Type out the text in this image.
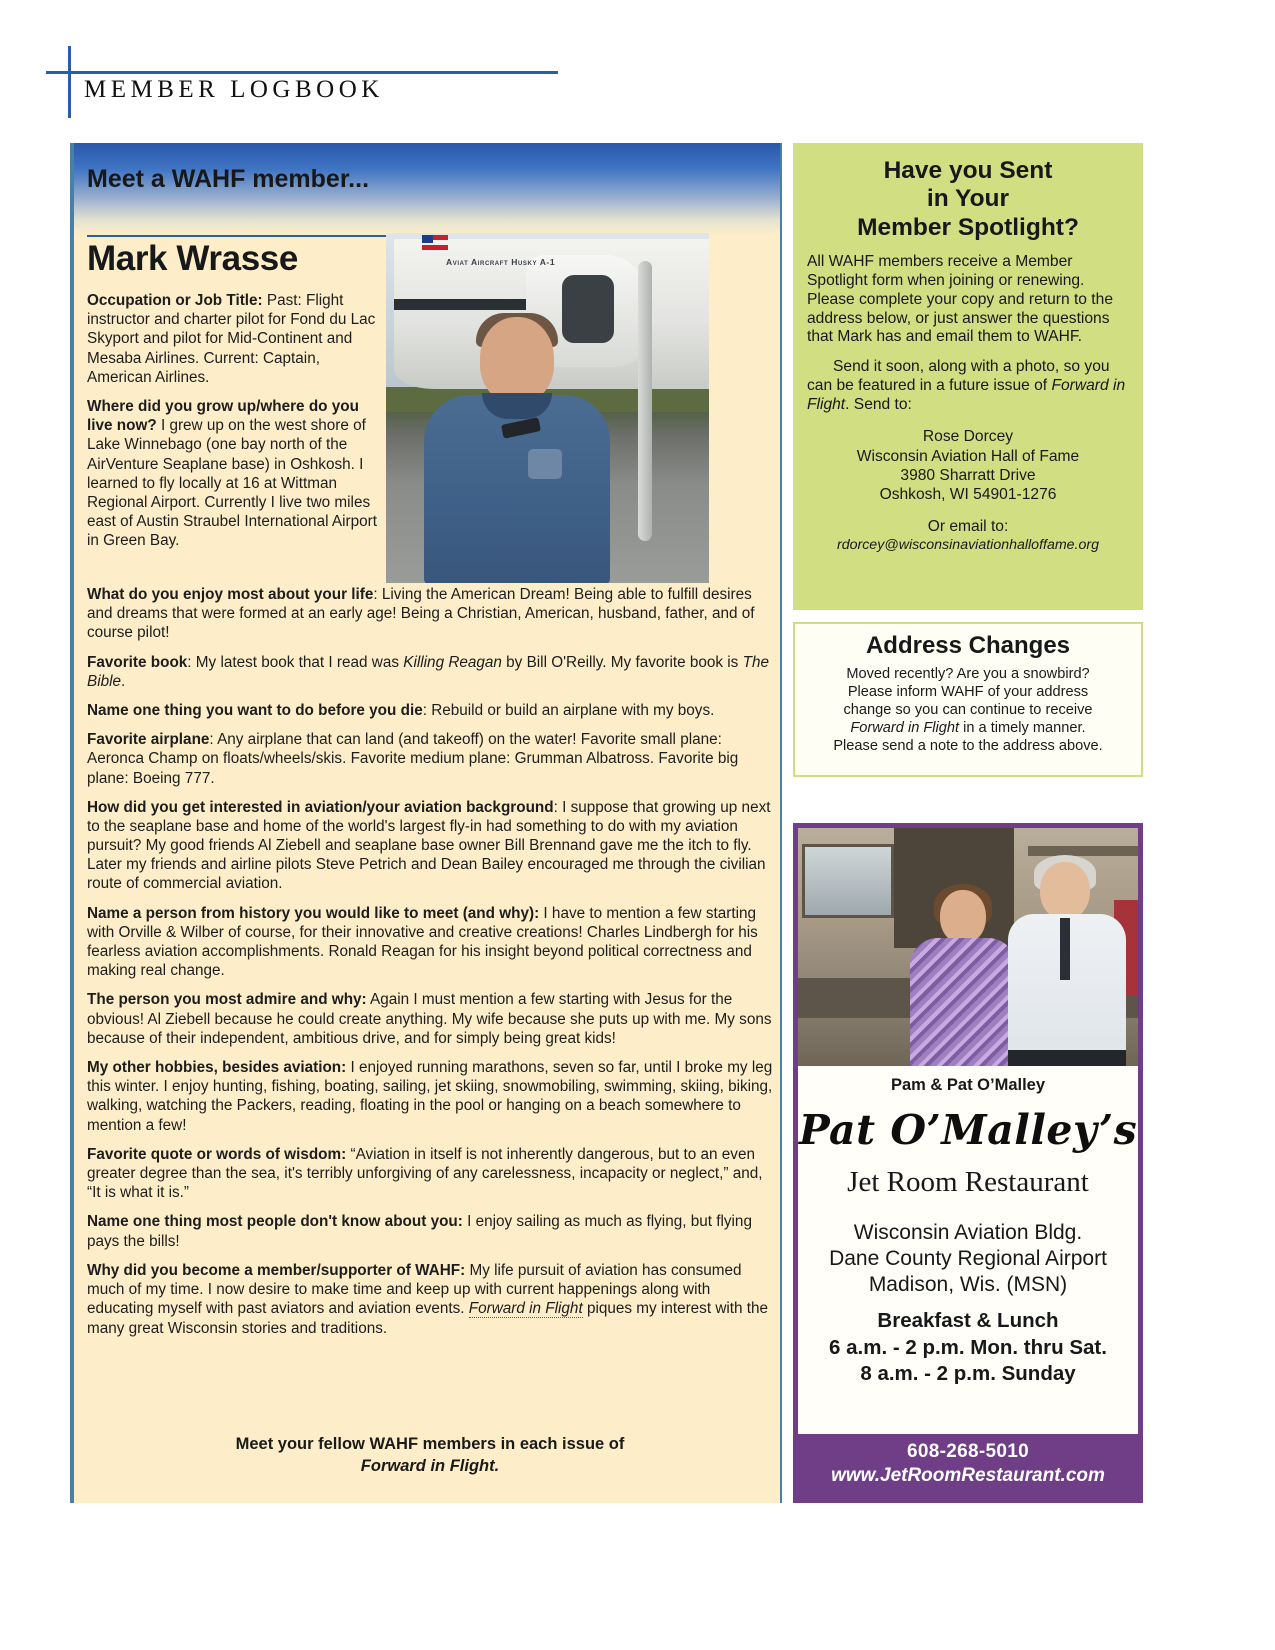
MEMBER LOGBOOK
Meet a WAHF member...
Mark Wrasse	Aviat Aircraft Husky A-1

Occupation or Job Title: Past: Flight instructor and charter pilot for Fond du Lac Skyport and pilot for Mid-Continent and Mesaba Airlines. Current: Captain, American Airlines.

Where did you grow up/where do you live now? I grew up on the west shore of Lake Winnebago (one bay north of the AirVenture Seaplane base) in Oshkosh. I learned to fly locally at 16 at Wittman Regional Airport. Currently I live two miles east of Austin Straubel International Airport in Green Bay.

What do you enjoy most about your life: Living the American Dream! Being able to fulfill desires and dreams that were formed at an early age! Being a Christian, American, husband, father, and of course pilot!

Favorite book: My latest book that I read was Killing Reagan by Bill O'Reilly. My favorite book is The Bible.

Name one thing you want to do before you die: Rebuild or build an airplane with my boys.

Favorite airplane: Any airplane that can land (and takeoff) on the water! Favorite small plane: Aeronca Champ on floats/wheels/skis. Favorite medium plane: Grumman Albatross. Favorite big plane: Boeing 777.

How did you get interested in aviation/your aviation background: I suppose that growing up next to the seaplane base and home of the world's largest fly-in had something to do with my aviation pursuit? My good friends Al Ziebell and seaplane base owner Bill Brennand gave me the itch to fly. Later my friends and airline pilots Steve Petrich and Dean Bailey encouraged me through the civilian route of commercial aviation.

Name a person from history you would like to meet (and why): I have to mention a few starting with Orville & Wilber of course, for their innovative and creative creations! Charles Lindbergh for his fearless aviation accomplishments. Ronald Reagan for his insight beyond political correctness and making real change.

The person you most admire and why: Again I must mention a few starting with Jesus for the obvious! Al Ziebell because he could create anything. My wife because she puts up with me. My sons because of their independent, ambitious drive, and for simply being great kids!

My other hobbies, besides aviation: I enjoyed running marathons, seven so far, until I broke my leg this winter. I enjoy hunting, fishing, boating, sailing, jet skiing, snowmobiling, swimming, skiing, biking, walking, watching the Packers, reading, floating in the pool or hanging on a beach somewhere to mention a few!

Favorite quote or words of wisdom: “Aviation in itself is not inherently dangerous, but to an even greater degree than the sea, it's terribly unforgiving of any carelessness, incapacity or neglect,” and, “It is what it is.”

Name one thing most people don't know about you: I enjoy sailing as much as flying, but flying pays the bills!

Why did you become a member/supporter of WAHF: My life pursuit of aviation has consumed much of my time. I now desire to make time and keep up with current happenings along with educating myself with past aviators and aviation events. Forward in Flight piques my interest with the many great Wisconsin stories and traditions.

Meet your fellow WAHF members in each issue of
Forward in Flight.
Have you Sent
in Your
Member Spotlight?
All WAHF members receive a Member Spotlight form when joining or renewing. Please complete your copy and return to the address below, or just answer the questions that Mark has and email them to WAHF.
Send it soon, along with a photo, so you can be featured in a future issue of Forward in Flight. Send to:
Rose Dorcey
Wisconsin Aviation Hall of Fame
3980 Sharratt Drive
Oshkosh, WI 54901-1276
Or email to:
rdorcey@wisconsinaviationhalloffame.org
Address Changes
Moved recently? Are you a snowbird?
Please inform WAHF of your address
change so you can continue to receive
Forward in Flight in a timely manner.
Please send a note to the address above.
Pam & Pat O’Malley
Pat O’Malley’s
Jet Room Restaurant
Wisconsin Aviation Bldg.
Dane County Regional Airport
Madison, Wis. (MSN)
Breakfast & Lunch
6 a.m. - 2 p.m. Mon. thru Sat.
8 a.m. - 2 p.m. Sunday
608-268-5010
www.JetRoomRestaurant.com
